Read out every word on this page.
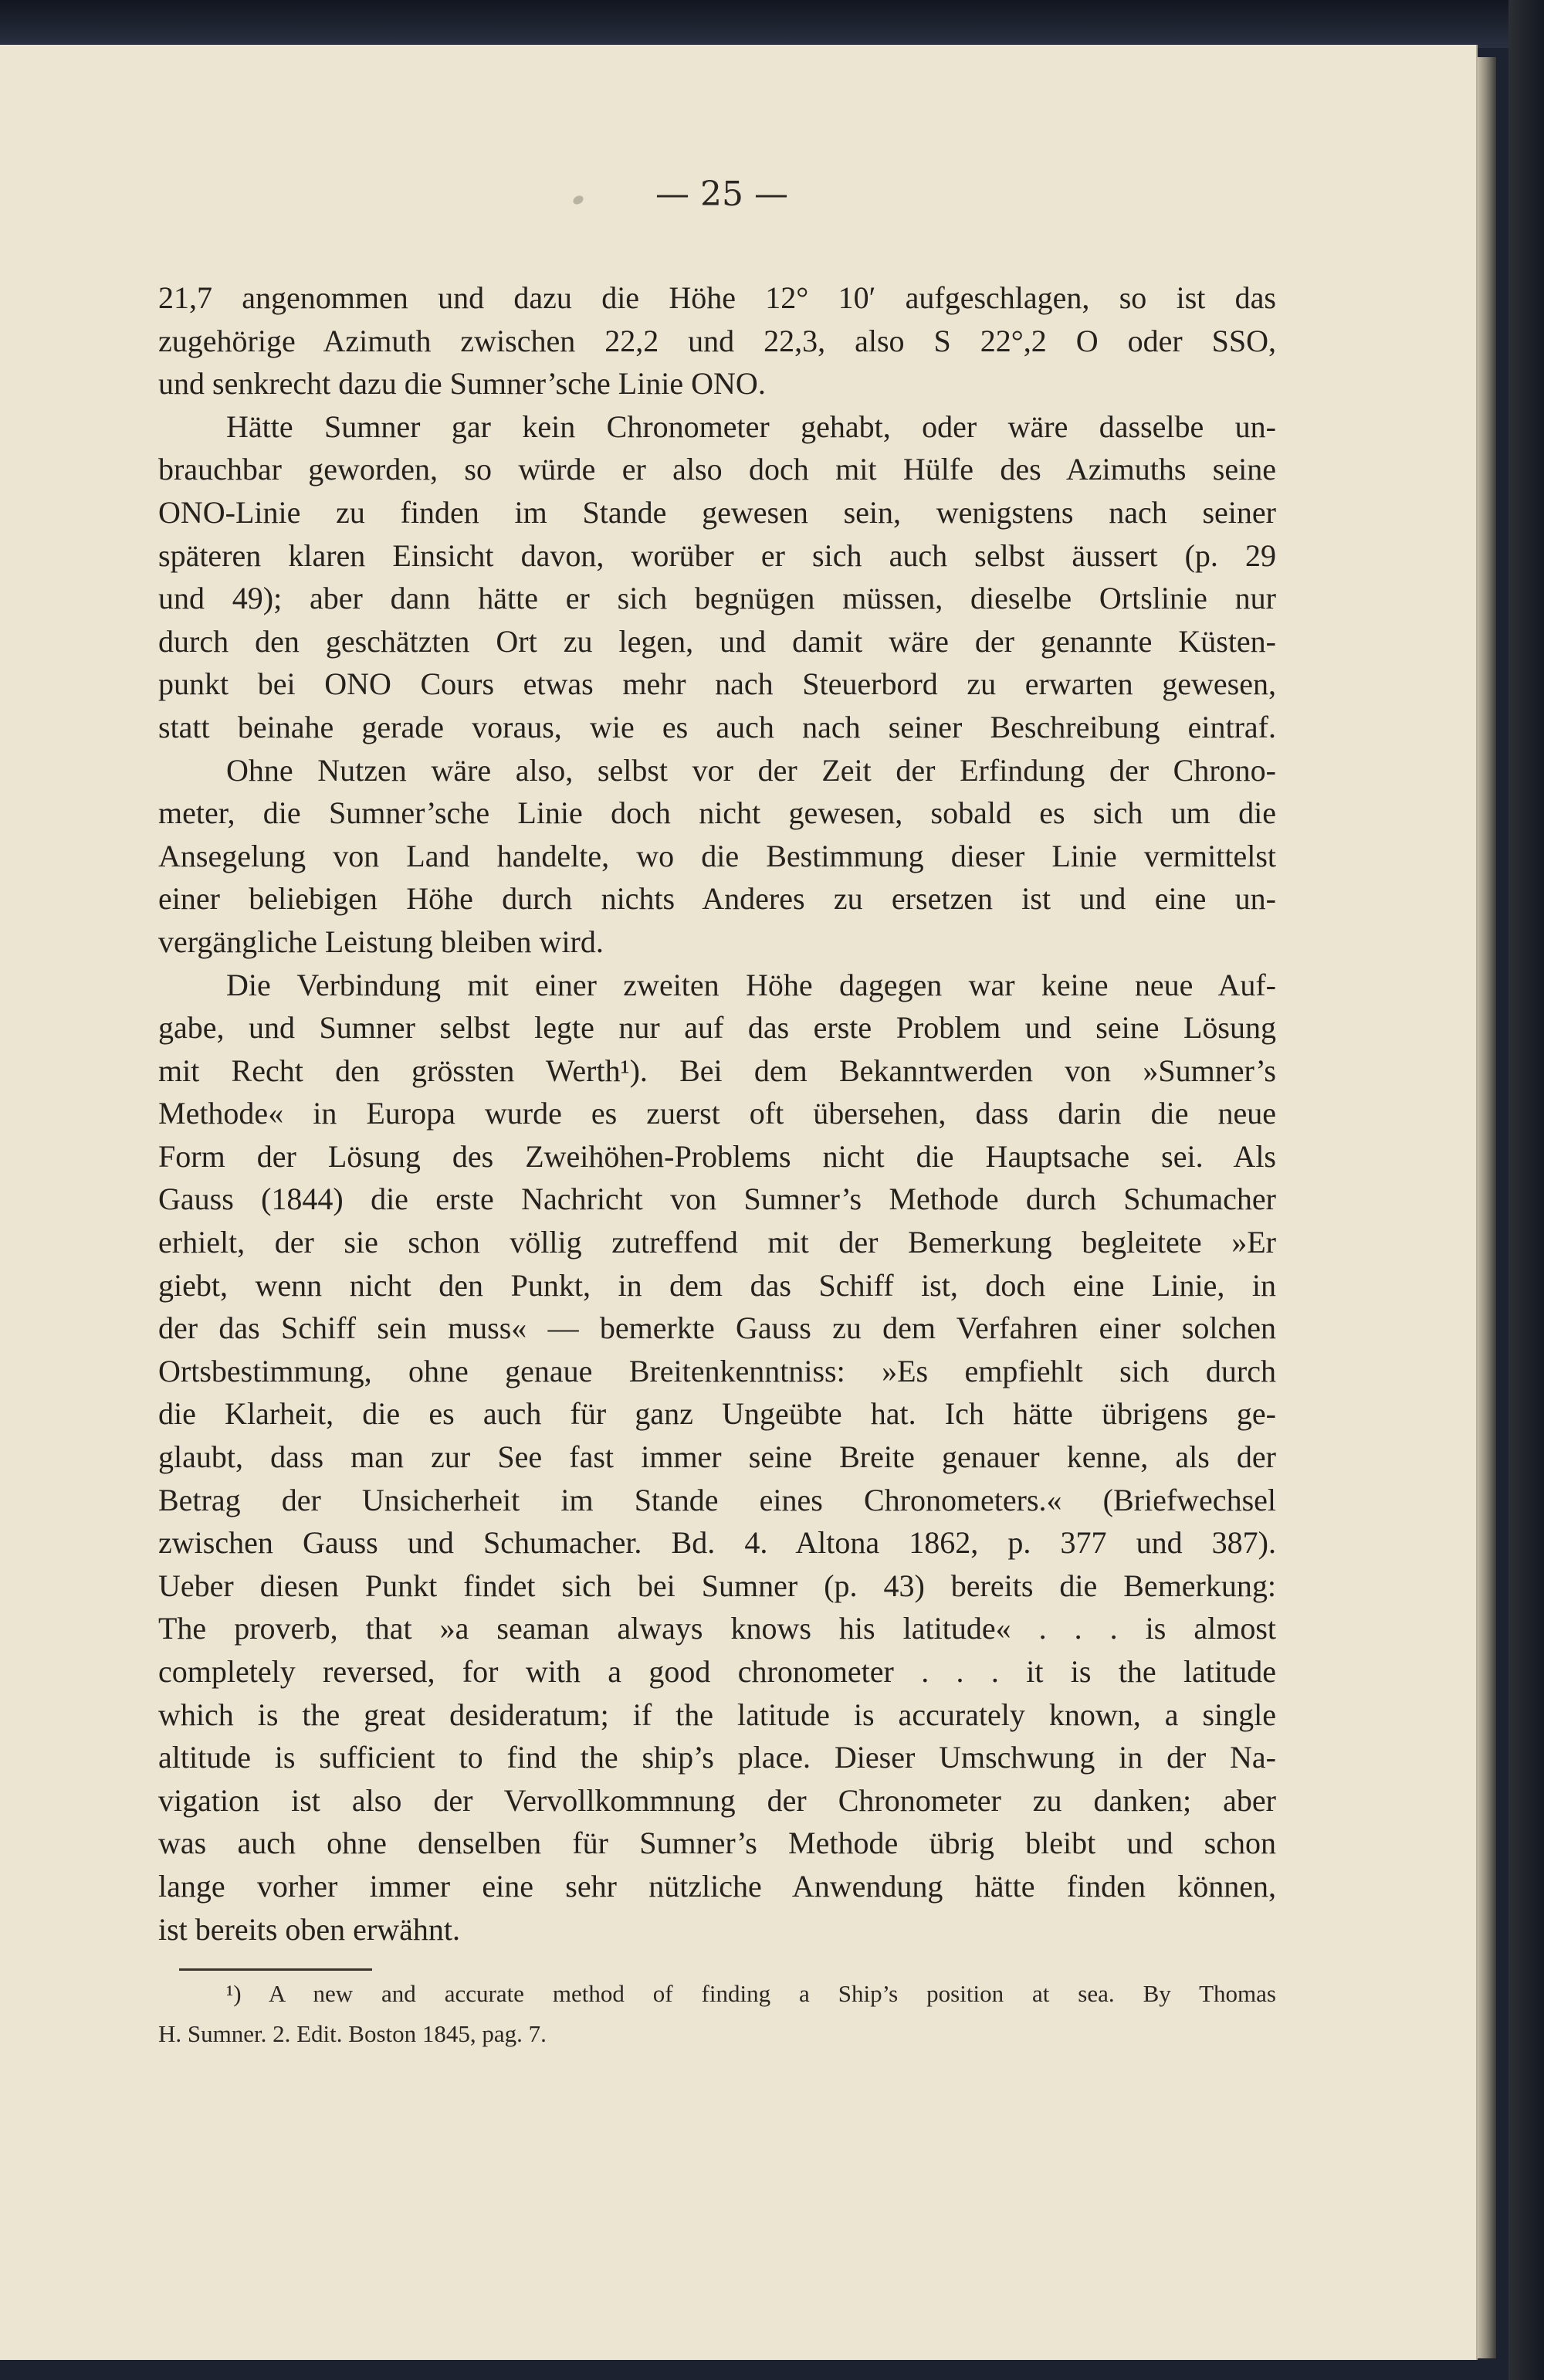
— 25 —
21,7 angenommen und dazu die Höhe 12° 10′ aufgeschlagen, so ist das
zugehörige Azimuth zwischen 22,2 und 22,3, also S 22°,2 O oder SSO,
und senkrecht dazu die Sumner’sche Linie ONO.
Hätte Sumner gar kein Chronometer gehabt, oder wäre dasselbe un-
brauchbar geworden, so würde er also doch mit Hülfe des Azimuths seine
ONO-Linie zu finden im Stande gewesen sein, wenigstens nach seiner
späteren klaren Einsicht davon, worüber er sich auch selbst äussert (p. 29
und 49); aber dann hätte er sich begnügen müssen, dieselbe Ortslinie nur
durch den geschätzten Ort zu legen, und damit wäre der genannte Küsten-
punkt bei ONO Cours etwas mehr nach Steuerbord zu erwarten gewesen,
statt beinahe gerade voraus, wie es auch nach seiner Beschreibung eintraf.
Ohne Nutzen wäre also, selbst vor der Zeit der Erfindung der Chrono-
meter, die Sumner’sche Linie doch nicht gewesen, sobald es sich um die
Ansegelung von Land handelte, wo die Bestimmung dieser Linie vermittelst
einer beliebigen Höhe durch nichts Anderes zu ersetzen ist und eine un-
vergängliche Leistung bleiben wird.
Die Verbindung mit einer zweiten Höhe dagegen war keine neue Auf-
gabe, und Sumner selbst legte nur auf das erste Problem und seine Lösung
mit Recht den grössten Werth¹). Bei dem Bekanntwerden von »Sumner’s
Methode« in Europa wurde es zuerst oft übersehen, dass darin die neue
Form der Lösung des Zweihöhen-Problems nicht die Hauptsache sei. Als
Gauss (1844) die erste Nachricht von Sumner’s Methode durch Schumacher
erhielt, der sie schon völlig zutreffend mit der Bemerkung begleitete »Er
giebt, wenn nicht den Punkt, in dem das Schiff ist, doch eine Linie, in
der das Schiff sein muss« — bemerkte Gauss zu dem Verfahren einer solchen
Ortsbestimmung, ohne genaue Breitenkenntniss: »Es empfiehlt sich durch
die Klarheit, die es auch für ganz Ungeübte hat. Ich hätte übrigens ge-
glaubt, dass man zur See fast immer seine Breite genauer kenne, als der
Betrag der Unsicherheit im Stande eines Chronometers.« (Briefwechsel
zwischen Gauss und Schumacher. Bd. 4. Altona 1862, p. 377 und 387).
Ueber diesen Punkt findet sich bei Sumner (p. 43) bereits die Bemerkung:
The proverb, that »a seaman always knows his latitude« . . . is almost
completely reversed, for with a good chronometer . . . it is the latitude
which is the great desideratum; if the latitude is accurately known, a single
altitude is sufficient to find the ship’s place. Dieser Umschwung in der Na-
vigation ist also der Vervollkommnung der Chronometer zu danken; aber
was auch ohne denselben für Sumner’s Methode übrig bleibt und schon
lange vorher immer eine sehr nützliche Anwendung hätte finden können,
ist bereits oben erwähnt.
¹) A new and accurate method of finding a Ship’s position at sea. By Thomas
H. Sumner. 2. Edit. Boston 1845, pag. 7.
